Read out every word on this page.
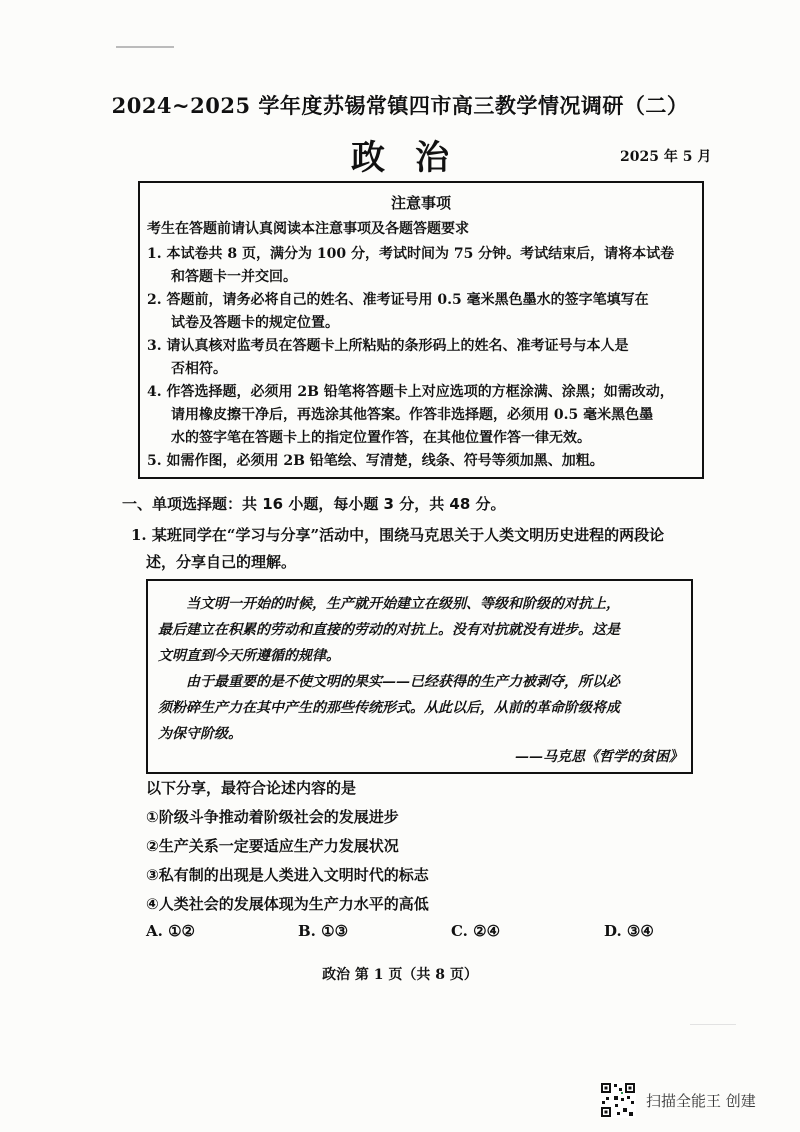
2024~2025 学年度苏锡常镇四市高三教学情况调研（二）
政治	2025 年 5 月
注意事项
考生在答题前请认真阅读本注意事项及各题答题要求
1. 本试卷共 8 页，满分为 100 分，考试时间为 75 分钟。考试结束后，请将本试卷
和答题卡一并交回。
2. 答题前，请务必将自己的姓名、准考证号用 0.5 毫米黑色墨水的签字笔填写在
试卷及答题卡的规定位置。
3. 请认真核对监考员在答题卡上所粘贴的条形码上的姓名、准考证号与本人是
否相符。
4. 作答选择题，必须用 2B 铅笔将答题卡上对应选项的方框涂满、涂黑；如需改动，
请用橡皮擦干净后，再选涂其他答案。作答非选择题，必须用 0.5 毫米黑色墨
水的签字笔在答题卡上的指定位置作答，在其他位置作答一律无效。
5. 如需作图，必须用 2B 铅笔绘、写清楚，线条、符号等须加黑、加粗。
一、单项选择题：共 16 小题，每小题 3 分，共 48 分。
1. 某班同学在“学习与分享”活动中，围绕马克思关于人类文明历史进程的两段论
述，分享自己的理解。
当文明一开始的时候，生产就开始建立在级别、等级和阶级的对抗上，
最后建立在积累的劳动和直接的劳动的对抗上。没有对抗就没有进步。这是
文明直到今天所遵循的规律。
由于最重要的是不使文明的果实——已经获得的生产力被剥夺，所以必
须粉碎生产力在其中产生的那些传统形式。从此以后，从前的革命阶级将成
为保守阶级。
——马克思《哲学的贫困》
以下分享，最符合论述内容的是
①阶级斗争推动着阶级社会的发展进步
②生产关系一定要适应生产力发展状况
③私有制的出现是人类进入文明时代的标志
④人类社会的发展体现为生产力水平的高低
A. ①②	B. ①③	C. ②④	D. ③④
政治 第 1 页（共 8 页）
扫描全能王 创建
